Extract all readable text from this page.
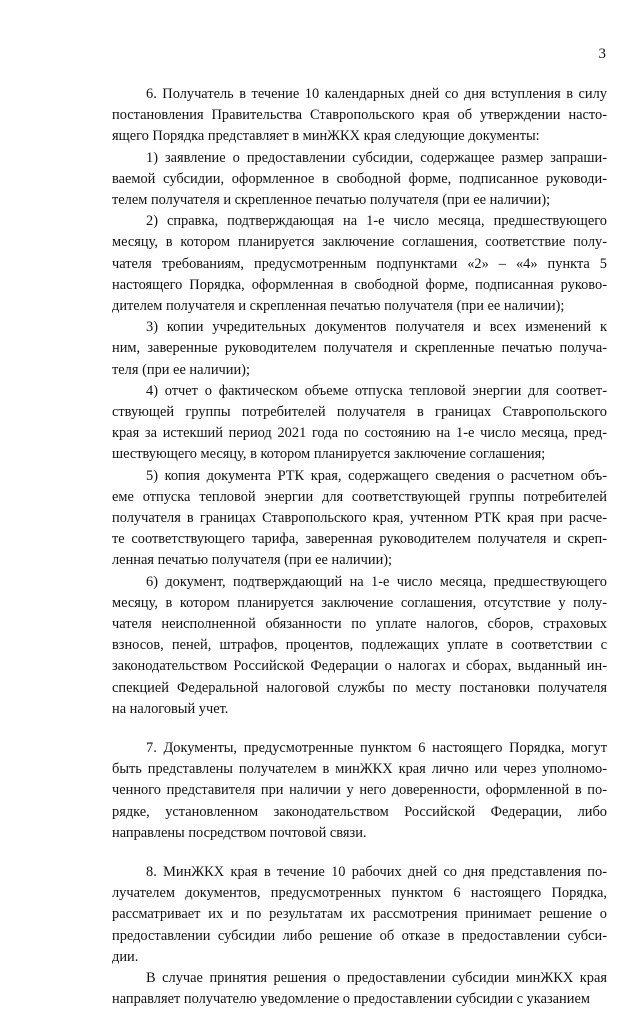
3
6. Получатель в течение 10 календарных дней со дня вступления в силу
постановления Правительства Ставропольского края об утверждении насто-
ящего Порядка представляет в минЖКХ края следующие документы:
1) заявление о предоставлении субсидии, содержащее размер запраши-
ваемой субсидии, оформленное в свободной форме, подписанное руководи-
телем получателя и скрепленное печатью получателя (при ее наличии);
2) справка, подтверждающая на 1-е число месяца, предшествующего
месяцу, в котором планируется заключение соглашения, соответствие полу-
чателя требованиям, предусмотренным подпунктами «2» – «4» пункта 5
настоящего Порядка, оформленная в свободной форме, подписанная руково-
дителем получателя и скрепленная печатью получателя (при ее наличии);
3) копии учредительных документов получателя и всех изменений к
ним, заверенные руководителем получателя и скрепленные печатью получа-
теля (при ее наличии);
4) отчет о фактическом объеме отпуска тепловой энергии для соответ-
ствующей группы потребителей получателя в границах Ставропольского
края за истекший период 2021 года по состоянию на 1-е число месяца, пред-
шествующего месяцу, в котором планируется заключение соглашения;
5) копия документа РТК края, содержащего сведения о расчетном объ-
еме отпуска тепловой энергии для соответствующей группы потребителей
получателя в границах Ставропольского края, учтенном РТК края при расче-
те соответствующего тарифа, заверенная руководителем получателя и скреп-
ленная печатью получателя (при ее наличии);
6) документ, подтверждающий на 1-е число месяца, предшествующего
месяцу, в котором планируется заключение соглашения, отсутствие у полу-
чателя неисполненной обязанности по уплате налогов, сборов, страховых
взносов, пеней, штрафов, процентов, подлежащих уплате в соответствии с
законодательством Российской Федерации о налогах и сборах, выданный ин-
спекцией Федеральной налоговой службы по месту постановки получателя
на налоговый учет.
7. Документы, предусмотренные пунктом 6 настоящего Порядка, могут
быть представлены получателем в минЖКХ края лично или через уполномо-
ченного представителя при наличии у него доверенности, оформленной в по-
рядке, установленном законодательством Российской Федерации, либо
направлены посредством почтовой связи.
8. МинЖКХ края в течение 10 рабочих дней со дня представления по-
лучателем документов, предусмотренных пунктом 6 настоящего Порядка,
рассматривает их и по результатам их рассмотрения принимает решение о
предоставлении субсидии либо решение об отказе в предоставлении субси-
дии.
В случае принятия решения о предоставлении субсидии минЖКХ края
направляет получателю уведомление о предоставлении субсидии с указанием
